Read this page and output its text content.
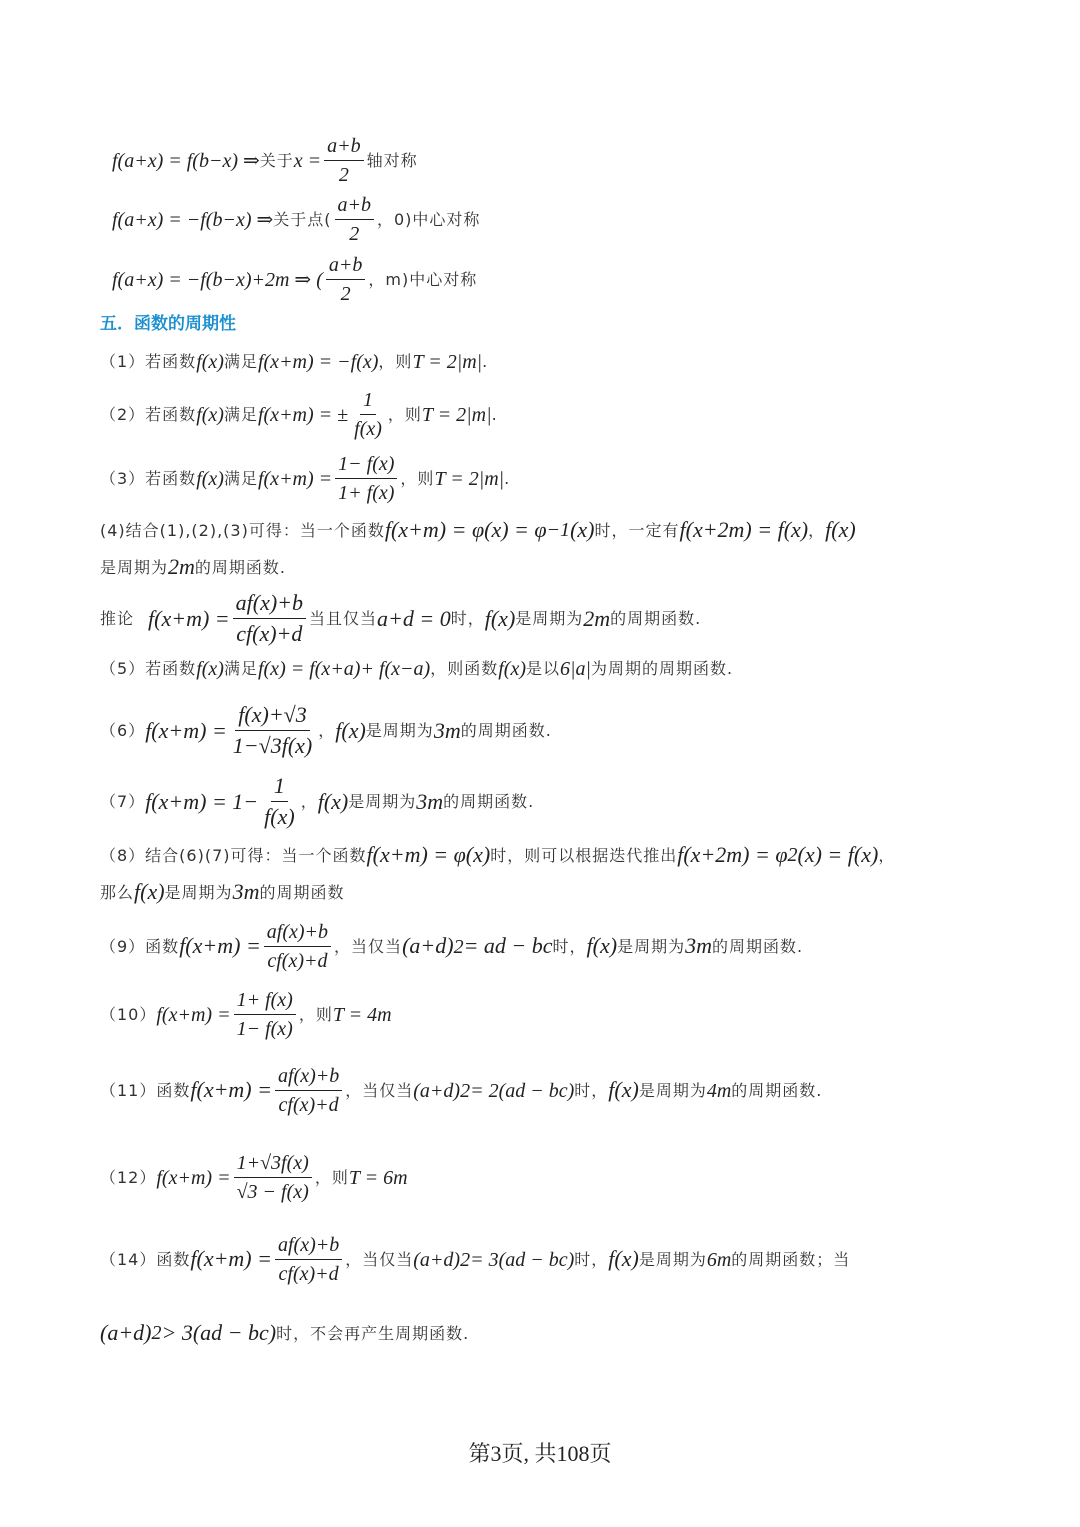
f(a+x) = f(b−x) ⇒ 关于 $x = \frac{a+b}{2}$ 轴对称
f(a+x) = −f(b−x) ⇒ 关于点( $\frac{a+b}{2}$ ，0)中心对称
f(a+x) = −f(b−x)+2m ⇒ ( $\frac{a+b}{2}$ ，m)中心对称
五．函数的周期性
（1）若函数 f(x) 满足 f(x+m) = −f(x) ，则 T = 2|m| .
（2）若函数 f(x) 满足 f(x+m) = ± $\frac{1}{f(x)}$ ，则 T = 2|m| .
（3）若函数 f(x) 满足 $f(x+m) = \frac{1- f(x)}{1+ f(x)}$ ，则 T = 2|m| .
(4)结合(1),(2),(3)可得：当一个函数 f(x+m) = φ(x) = φ −1 (x) 时，一定有 f(x+2m) = f(x) ， f(x)
是周期为 2m 的周期函数.
推论 $f(x+m) = \frac{af(x)+b}{cf(x)+d}$ 当且仅当 a+d = 0 时， f(x) 是周期为 2m 的周期函数.
（5）若函数 f(x) 满足 f(x) = f(x+a)+ f(x−a) ，则函数 f(x) 是以 6|a| 为周期的周期函数.
（6） $f(x+m) = \frac{f(x)+√3}{1-√3f(x)}$ ， f(x) 是周期为 3m 的周期函数.
（7） $f(x+m) = 1- \frac{1}{f(x)}$ ， f(x) 是周期为 3m 的周期函数.
（8）结合(6)(7)可得：当一个函数 f(x+m) = φ(x) 时，则可以根据迭代推出 f(x+2m) = φ 2 (x) = f(x) ，
那么 f(x) 是周期为 3m 的周期函数
（9）函数 $f(x+m) = \frac{af(x)+b}{cf(x)+d}$ ，当仅当 (a+d) 2 = ad − bc 时， f(x) 是周期为 3m 的周期函数.
（10） $f(x+m) = \frac{1+ f(x)}{1- f(x)}$ ，则 T = 4m
（11）函数 $f(x+m) = \frac{af(x)+b}{cf(x)+d}$ ，当仅当 (a+d) 2 = 2(ad − bc) 时， f(x) 是周期为 4m 的周期函数.
（12） $f(x+m) = \frac{1+√3f(x)}{√3 - f(x)}$ ，则 T = 6m
（14）函数 $f(x+m) = \frac{af(x)+b}{cf(x)+d}$ ，当仅当 (a+d) 2 = 3(ad − bc) 时， f(x) 是周期为 6m 的周期函数；当
(a+d) 2 > 3(ad − bc) 时，不会再产生周期函数.
第3页, 共108页
